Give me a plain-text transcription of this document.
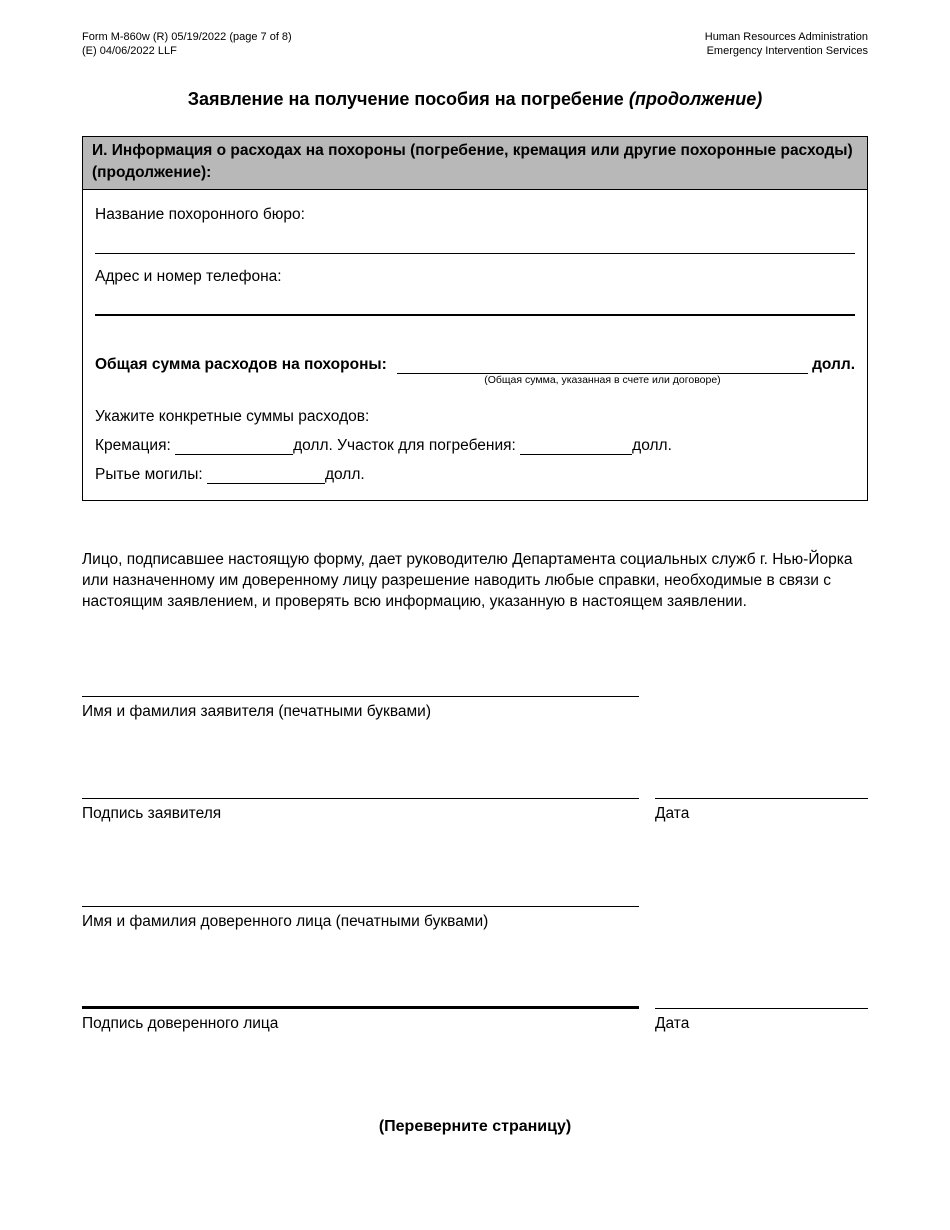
Form M-860w (R) 05/19/2022 (page 7 of 8)
(E) 04/06/2022 LLF
Human Resources Administration
Emergency Intervention Services
Заявление на получение пособия на погребение (продолжение)
И. Информация о расходах на похороны (погребение, кремация или другие похоронные расходы) (продолжение):
Название похоронного бюро:
Адрес и номер телефона:
Общая сумма расходов на похороны:
(Общая сумма, указанная в счете или договоре)
долл.
Укажите конкретные суммы расходов:
Кремация:	долл. Участок для погребения:	долл.
Рытье могилы:	долл.
Лицо, подписавшее настоящую форму, дает руководителю Департамента социальных служб г. Нью-Йорка или назначенному им доверенному лицу разрешение наводить любые справки, необходимые в связи с настоящим заявлением, и проверять всю информацию, указанную в настоящем заявлении.
Имя и фамилия заявителя (печатными буквами)
Подпись заявителя	Дата
Имя и фамилия доверенного лица (печатными буквами)
Подпись доверенного лица	Дата
(Переверните страницу)
